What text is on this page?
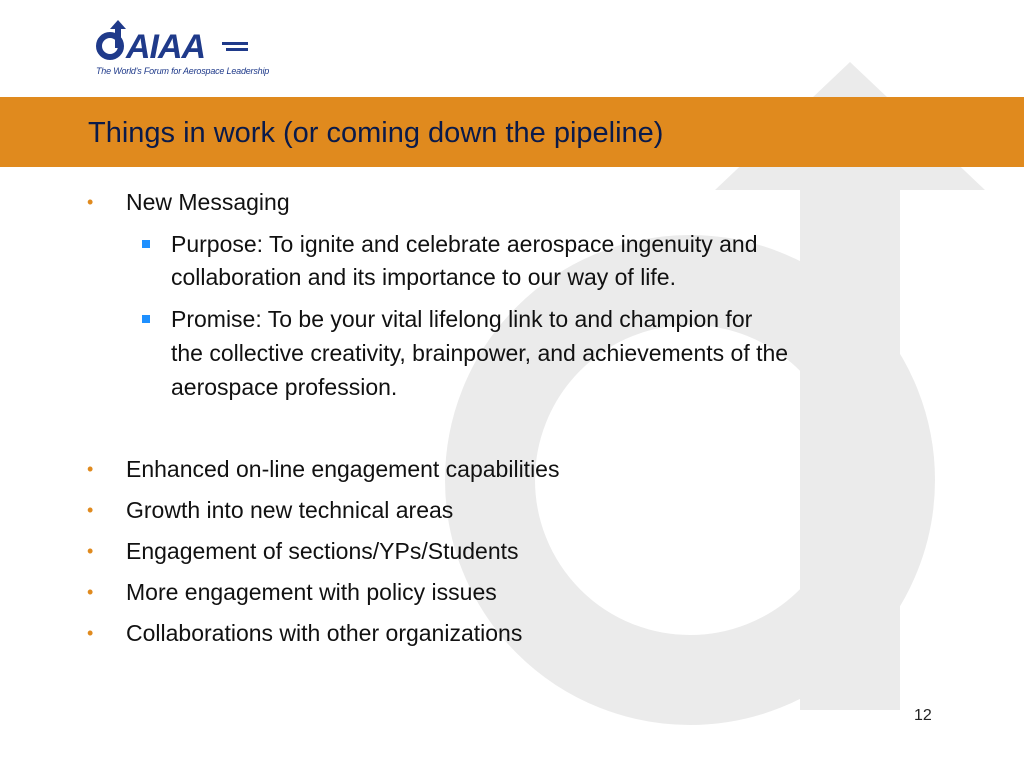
AIAA
The World's Forum for Aerospace Leadership
Things in work (or coming down the pipeline)
• New Messaging
Purpose: To ignite and celebrate aerospace ingenuity and
collaboration and its importance to our way of life.
Promise: To be your vital lifelong link to and champion for
the collective creativity, brainpower, and achievements of the
aerospace profession.
• Enhanced on-line engagement capabilities
• Growth into new technical areas
• Engagement of sections/YPs/Students
• More engagement with policy issues
• Collaborations with other organizations
12
